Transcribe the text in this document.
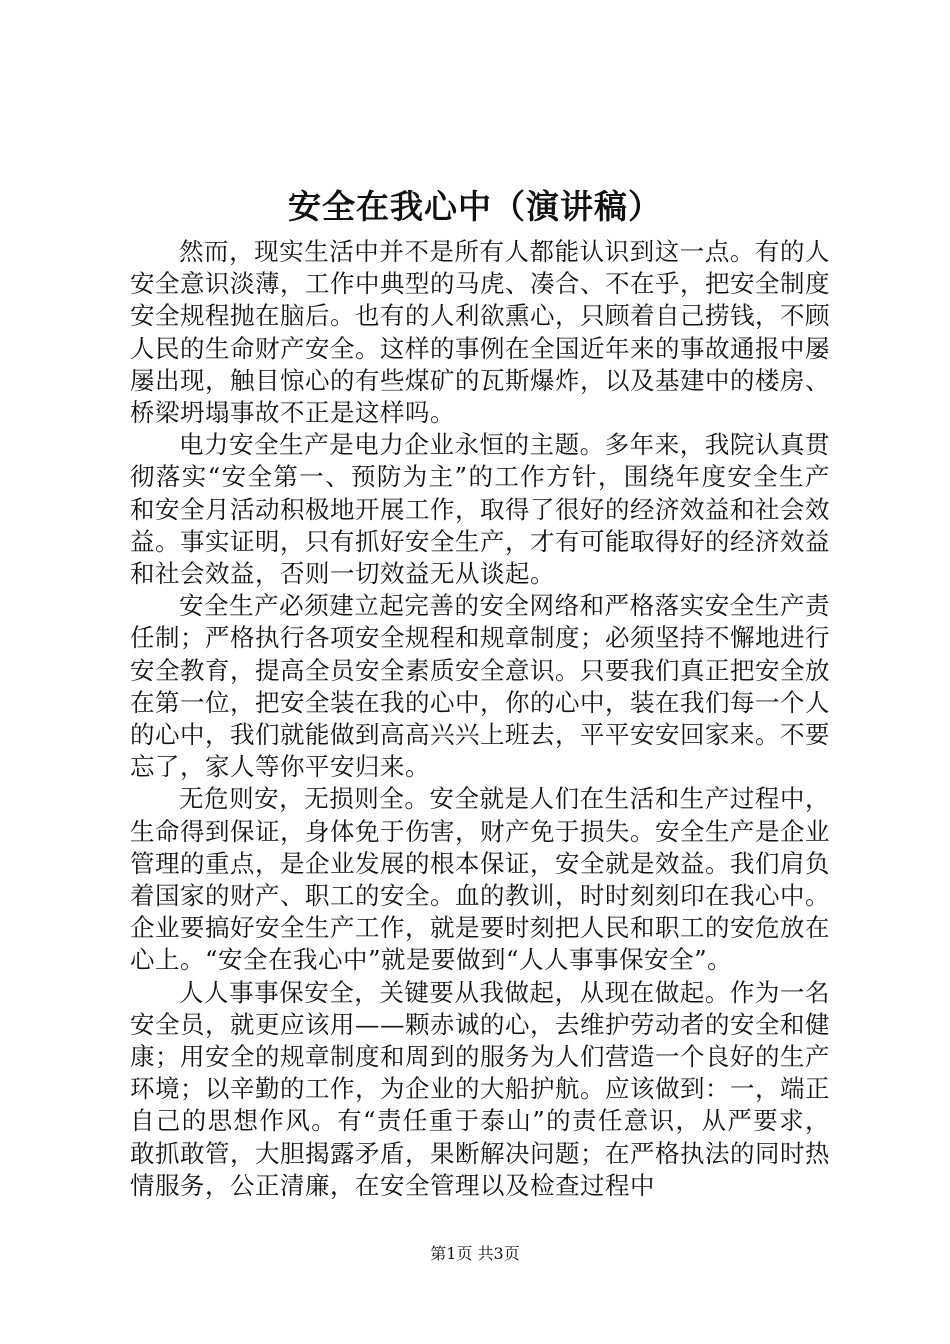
安全在我心中（演讲稿）

然而，现实生活中并不是所有人都能认识到这一点。有的人安全意识淡薄，工作中典型的马虎、凑合、不在乎，把安全制度安全规程抛在脑后。也有的人利欲熏心，只顾着自己捞钱，不顾人民的生命财产安全。这样的事例在全国近年来的事故通报中屡屡出现，触目惊心的有些煤矿的瓦斯爆炸，以及基建中的楼房、桥梁坍塌事故不正是这样吗。

电力安全生产是电力企业永恒的主题。多年来，我院认真贯彻落实“安全第一、预防为主”的工作方针，围绕年度安全生产和安全月活动积极地开展工作，取得了很好的经济效益和社会效益。事实证明，只有抓好安全生产，才有可能取得好的经济效益和社会效益，否则一切效益无从谈起。

安全生产必须建立起完善的安全网络和严格落实安全生产责任制；严格执行各项安全规程和规章制度；必须坚持不懈地进行安全教育，提高全员安全素质安全意识。只要我们真正把安全放在第一位，把安全装在我的心中，你的心中，装在我们每一个人的心中，我们就能做到高高兴兴上班去，平平安安回家来。不要忘了，家人等你平安归来。

无危则安，无损则全。安全就是人们在生活和生产过程中，生命得到保证，身体免于伤害，财产免于损失。安全生产是企业管理的重点，是企业发展的根本保证，安全就是效益。我们肩负着国家的财产、职工的安全。血的教训，时时刻刻印在我心中。企业要搞好安全生产工作，就是要时刻把人民和职工的安危放在心上。“安全在我心中”就是要做到“人人事事保安全”。

人人事事保安全，关键要从我做起，从现在做起。作为一名安全员，就更应该用——颗赤诚的心，去维护劳动者的安全和健康；用安全的规章制度和周到的服务为人们营造一个良好的生产环境；以辛勤的工作，为企业的大船护航。应该做到：一，端正自己的思想作风。有“责任重于泰山”的责任意识，从严要求，敢抓敢管，大胆揭露矛盾，果断解决问题；在严格执法的同时热情服务，公正清廉，在安全管理以及检查过程中

第1页 共3页
